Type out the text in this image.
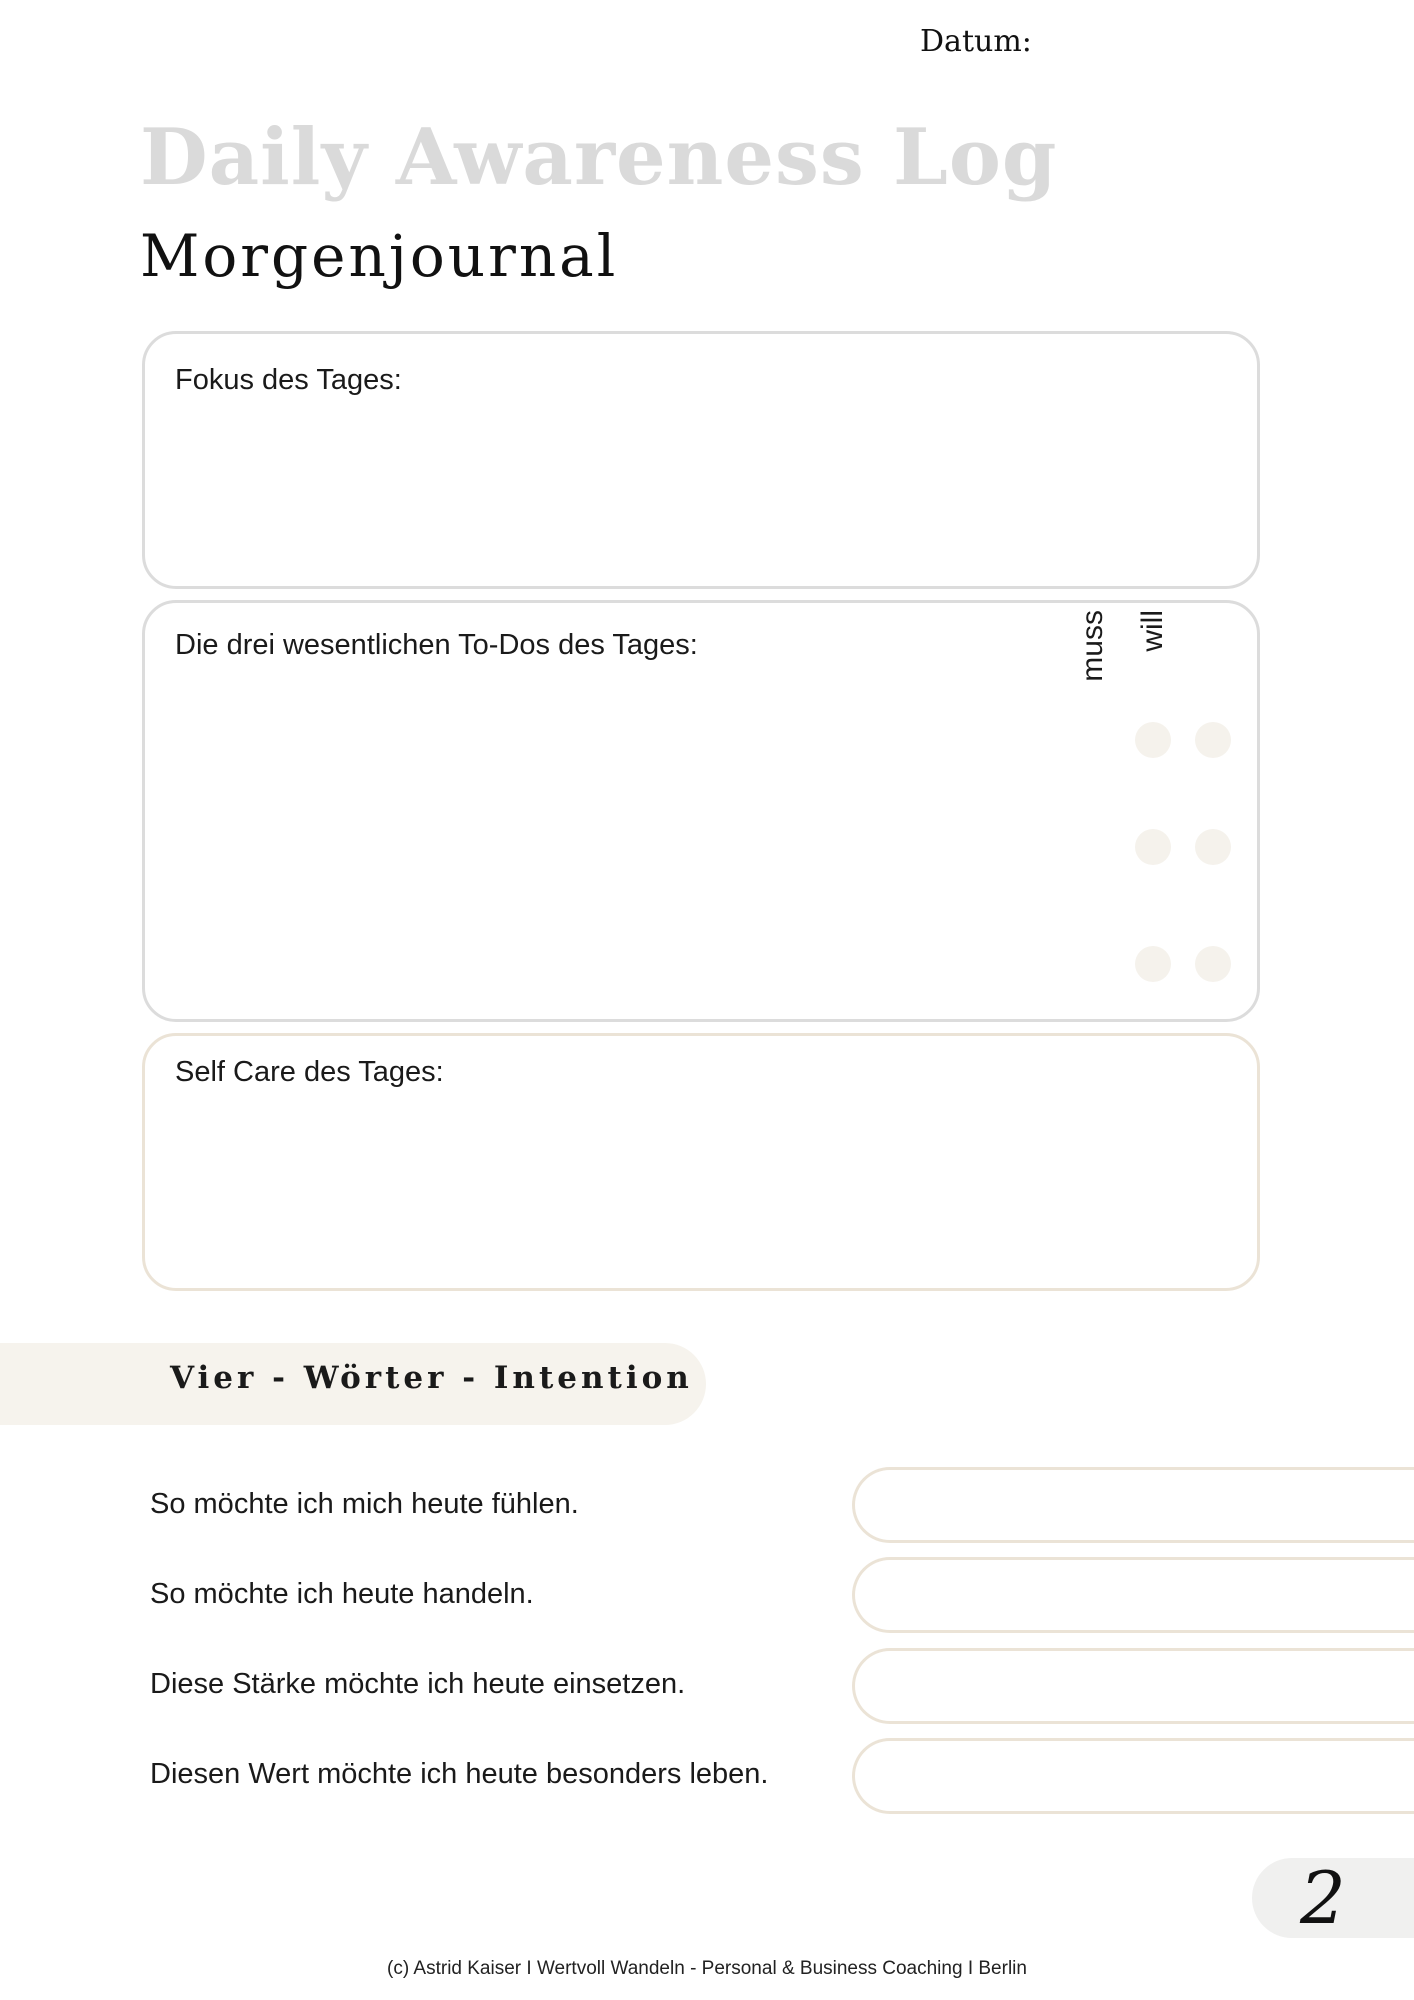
Datum:
Daily Awareness Log
Morgenjournal
Fokus des Tages:
Die drei wesentlichen To-Dos des Tages:	muss will
Self Care des Tages:
Vier - Wörter - Intention
So möchte ich mich heute fühlen.
So möchte ich heute handeln.
Diese Stärke möchte ich heute einsetzen.
Diesen Wert möchte ich heute besonders leben.
2
(c) Astrid Kaiser I Wertvoll Wandeln - Personal & Business Coaching I Berlin
